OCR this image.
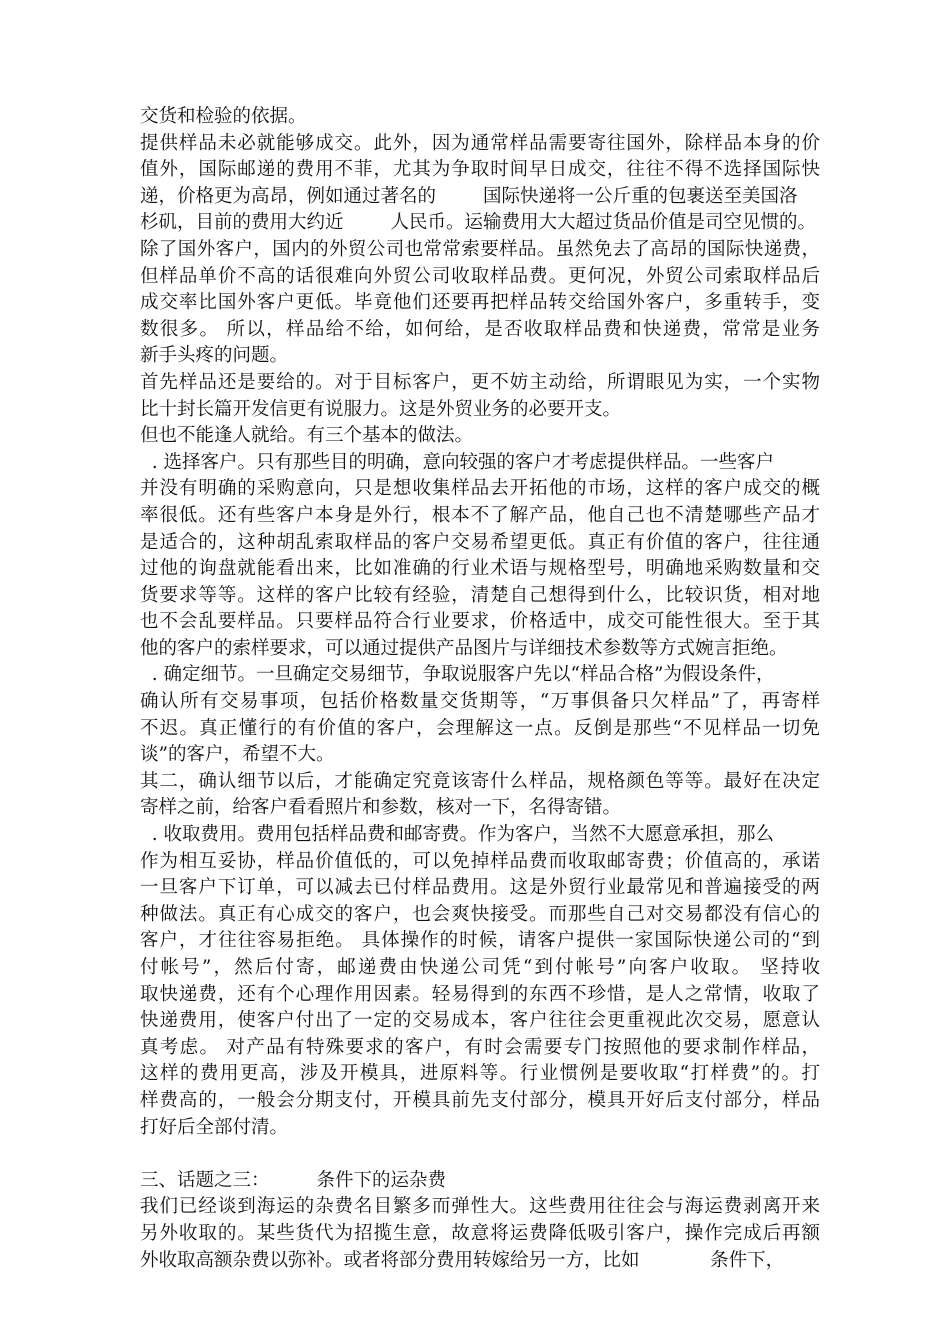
交货和检验的依据。
提供样品未必就能够成交。此外，因为通常样品需要寄往国外，除样品本身的价
值外，国际邮递的费用不菲，尤其为争取时间早日成交，往往不得不选择国际快
递，价格更为高昂，例如通过著名的        国际快递将一公斤重的包裹送至美国洛
杉矶，目前的费用大约近        人民币。运输费用大大超过货品价值是司空见惯的。
除了国外客户，国内的外贸公司也常常索要样品。虽然免去了高昂的国际快递费，
但样品单价不高的话很难向外贸公司收取样品费。更何况，外贸公司索取样品后
成交率比国外客户更低。毕竟他们还要再把样品转交给国外客户，多重转手，变
数很多。 所以，样品给不给，如何给，是否收取样品费和快递费，常常是业务
新手头疼的问题。
首先样品还是要给的。对于目标客户，更不妨主动给，所谓眼见为实，一个实物
比十封长篇开发信更有说服力。这是外贸业务的必要开支。
但也不能逢人就给。有三个基本的做法。
. 选择客户。只有那些目的明确，意向较强的客户才考虑提供样品。一些客户
并没有明确的采购意向，只是想收集样品去开拓他的市场，这样的客户成交的概
率很低。还有些客户本身是外行，根本不了解产品，他自己也不清楚哪些产品才
是适合的，这种胡乱索取样品的客户交易希望更低。真正有价值的客户，往往通
过他的询盘就能看出来，比如准确的行业术语与规格型号，明确地采购数量和交
货要求等等。这样的客户比较有经验，清楚自己想得到什么，比较识货，相对地
也不会乱要样品。只要样品符合行业要求，价格适中，成交可能性很大。至于其
他的客户的索样要求，可以通过提供产品图片与详细技术参数等方式婉言拒绝。
. 确定细节。一旦确定交易细节，争取说服客户先以“样品合格”为假设条件，
确认所有交易事项，包括价格数量交货期等，“万事俱备只欠样品”了，再寄样
不迟。真正懂行的有价值的客户，会理解这一点。反倒是那些“不见样品一切免
谈”的客户，希望不大。
其二，确认细节以后，才能确定究竟该寄什么样品，规格颜色等等。最好在决定
寄样之前，给客户看看照片和参数，核对一下，名得寄错。
. 收取费用。费用包括样品费和邮寄费。作为客户，当然不大愿意承担，那么
作为相互妥协，样品价值低的，可以免掉样品费而收取邮寄费；价值高的，承诺
一旦客户下订单，可以减去已付样品费用。这是外贸行业最常见和普遍接受的两
种做法。真正有心成交的客户，也会爽快接受。而那些自己对交易都没有信心的
客户，才往往容易拒绝。 具体操作的时候，请客户提供一家国际快递公司的“到
付帐号”，然后付寄，邮递费由快递公司凭“到付帐号”向客户收取。 坚持收
取快递费，还有个心理作用因素。轻易得到的东西不珍惜，是人之常情，收取了
快递费用，使客户付出了一定的交易成本，客户往往会更重视此次交易，愿意认
真考虑。 对产品有特殊要求的客户，有时会需要专门按照他的要求制作样品，
这样的费用更高，涉及开模具，进原料等。行业惯例是要收取“打样费”的。打
样费高的，一般会分期支付，开模具前先支付部分，模具开好后支付部分，样品
打好后全部付清。
三、话题之三：        条件下的运杂费
我们已经谈到海运的杂费名目繁多而弹性大。这些费用往往会与海运费剥离开来
另外收取的。某些货代为招揽生意，故意将运费降低吸引客户，操作完成后再额
外收取高额杂费以弥补。或者将部分费用转嫁给另一方，比如            条件下，
